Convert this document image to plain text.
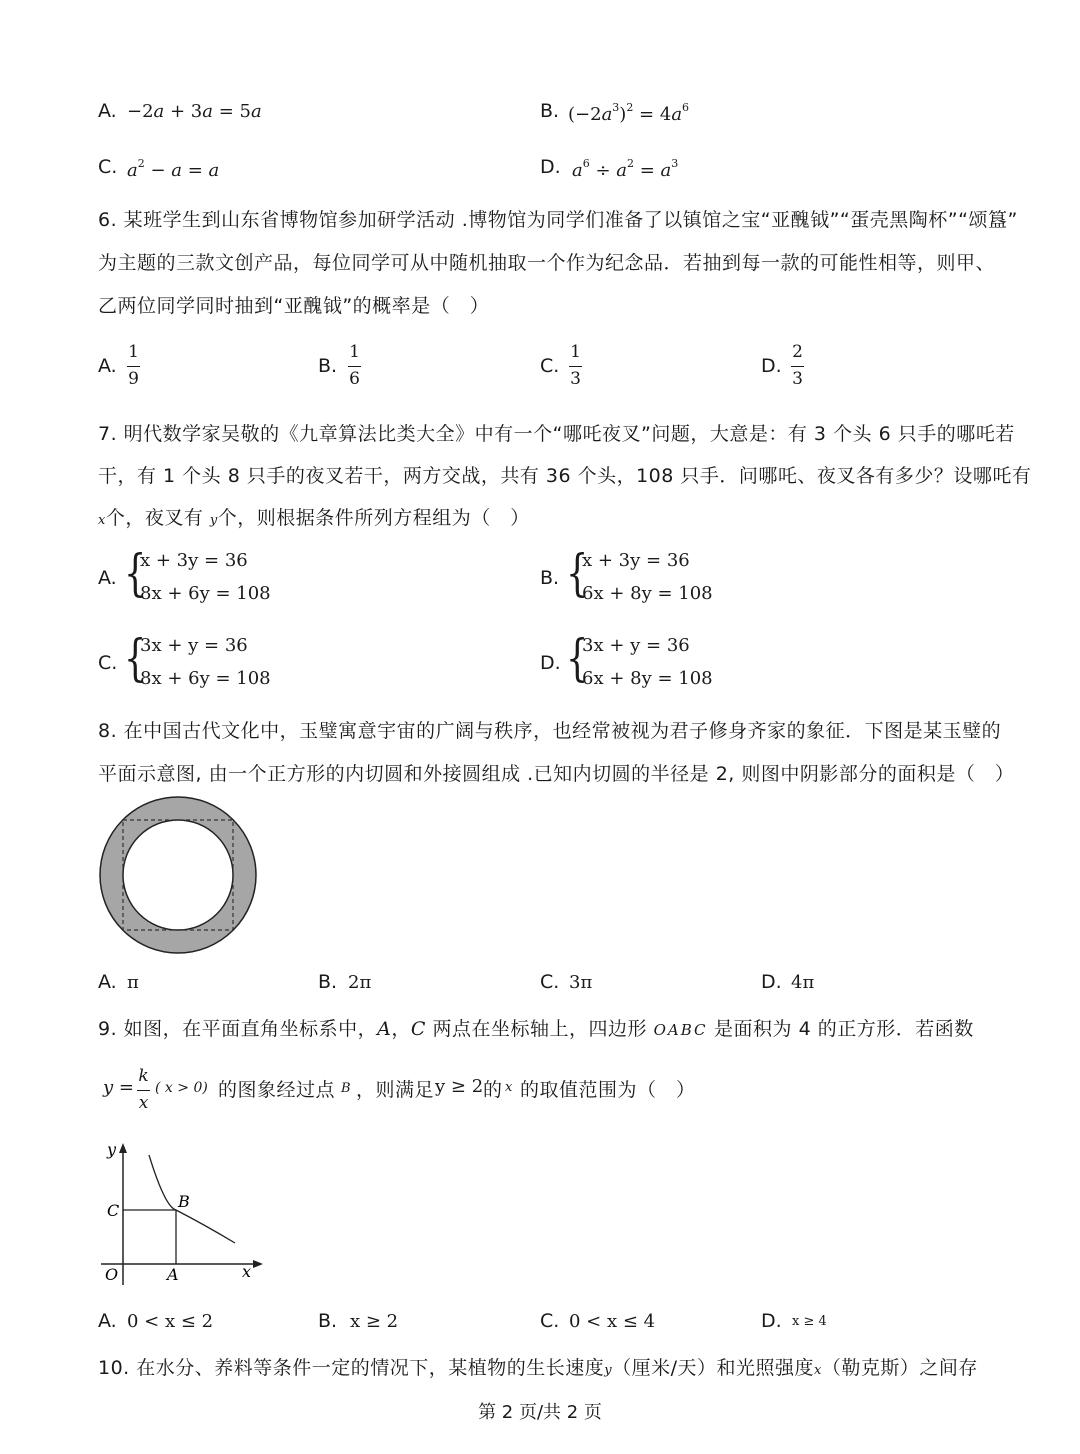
A. −2a + 3a = 5a	B. $(-2a^3)^2 = 4a^6$
C. $a^2 - a = a$	D. $a^6 \div a^2 = a^3$
6. 某班学生到山东省博物馆参加研学活动 .博物馆为同学们准备了以镇馆之宝“亚醜钺”“蛋壳黑陶杯”“颂簋”
为主题的三款文创产品，每位同学可从中随机抽取一个作为纪念品．若抽到每一款的可能性相等，则甲、
乙两位同学同时抽到“亚醜钺”的概率是（　）
A.
1
9
B.
1
6
C.
1
3
D.
2
3
7. 明代数学家吴敬的《九章算法比类大全》中有一个“哪吒夜叉”问题，大意是：有 3 个头 6 只手的哪吒若
干，有 1 个头 8 只手的夜叉若干，两方交战，共有 36 个头，108 只手．问哪吒、夜叉各有多少？设哪吒有
x个，夜叉有 y个，则根据条件所列方程组为（　）
A. {
x + 3y = 36
8x + 6y = 108
B. {
x + 3y = 36
6x + 8y = 108
C. {
3x + y = 36
8x + 6y = 108
D. {
3x + y = 36
6x + 8y = 108
8. 在中国古代文化中，玉璧寓意宇宙的广阔与秩序，也经常被视为君子修身齐家的象征．下图是某玉璧的
平面示意图, 由一个正方形的内切圆和外接圆组成 .已知内切圆的半径是 2, 则图中阴影部分的面积是（　）
A. π	B. 2π	C. 3π	D. 4π
9. 如图，在平面直角坐标系中，A，C 两点在坐标轴上，四边形 OABC 是面积为 4 的正方形．若函数
y =
k
x
( x > 0) 的图象经过点 B ，则满足 y ≥ 2 的 x 的取值范围为（　）
y
x
O	A
B
C
A. 0 < x ≤ 2	B. x ≥ 2	C. 0 < x ≤ 4	D. x ≥ 4
10. 在水分、养料等条件一定的情况下，某植物的生长速度y（厘米/天）和光照强度x（勒克斯）之间存
第 2 页/共 2 页
